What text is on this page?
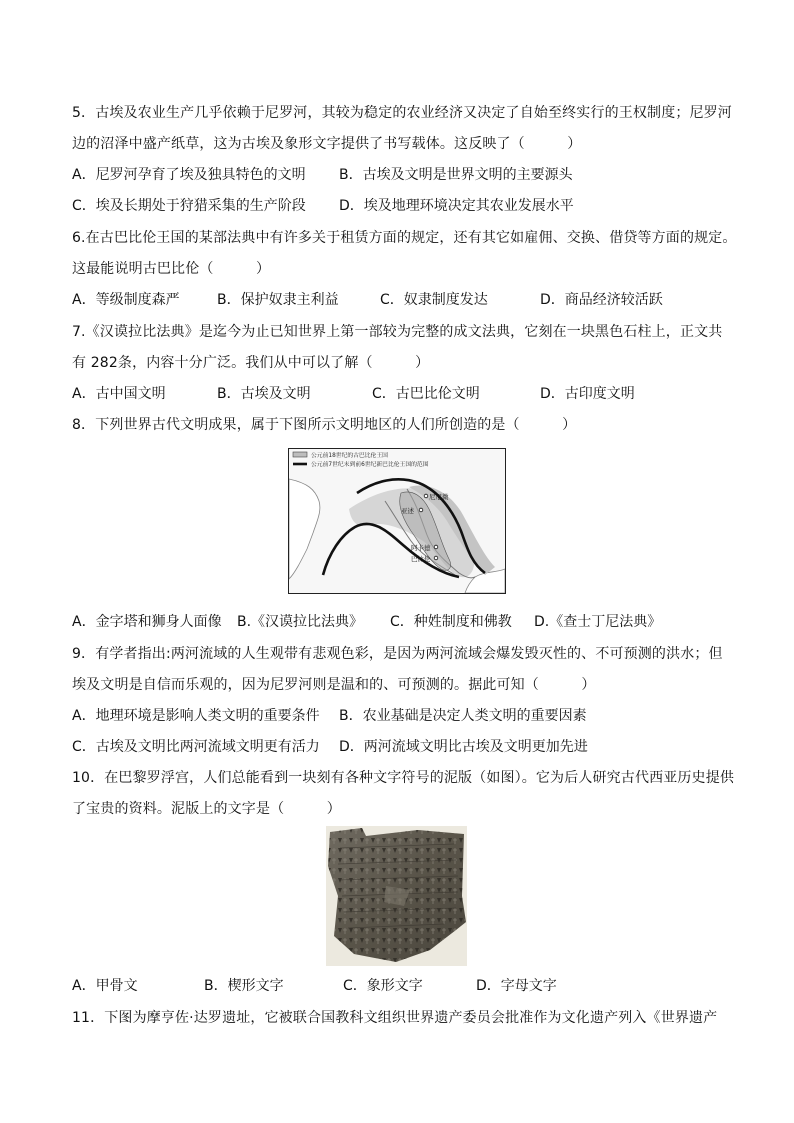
5．古埃及农业生产几乎依赖于尼罗河，其较为稳定的农业经济又决定了自始至终实行的王权制度；尼罗河
边的沼泽中盛产纸草，这为古埃及象形文字提供了书写载体。这反映了（　　　）
A．尼罗河孕育了埃及独具特色的文明 B．古埃及文明是世界文明的主要源头
C．埃及长期处于狩猎采集的生产阶段 D．埃及地理环境决定其农业发展水平
6.在古巴比伦王国的某部法典中有许多关于租赁方面的规定，还有其它如雇佣、交换、借贷等方面的规定。
这最能说明古巴比伦（　　　）
A．等级制度森严	B．保护奴隶主利益	C．奴隶制度发达	D．商品经济较活跃
7.《汉谟拉比法典》是迄今为止已知世界上第一部较为完整的成文法典，它刻在一块黑色石柱上，正文共
有 282条，内容十分广泛。我们从中可以了解（　　　）
A．古中国文明	B．古埃及文明	C．古巴比伦文明	D．古印度文明
8．下列世界古代文明成果，属于下图所示文明地区的人们所创造的是（　　　）
公元前18世纪的古巴比伦王国
公元前7世纪末到前6世纪新巴比伦王国的范围
尼尼微
亚述
阿卡德
巴比伦
A．金字塔和狮身人面像 B.《汉谟拉比法典》 C．种姓制度和佛教 D.《查士丁尼法典》
9．有学者指出:两河流域的人生观带有悲观色彩，是因为两河流域会爆发毁灭性的、不可预测的洪水；但
埃及文明是自信而乐观的，因为尼罗河则是温和的、可预测的。据此可知（　　　）
A．地理环境是影响人类文明的重要条件 B．农业基础是决定人类文明的重要因素
C．古埃及文明比两河流域文明更有活力 D．两河流域文明比古埃及文明更加先进
10．在巴黎罗浮宫，人们总能看到一块刻有各种文字符号的泥版（如图）。它为后人研究古代西亚历史提供
了宝贵的资料。泥版上的文字是（　　　）
A．甲骨文	B．楔形文字	C．象形文字	D．字母文字
11．下图为摩亨佐·达罗遗址，它被联合国教科文组织世界遗产委员会批准作为文化遗产列入《世界遗产
